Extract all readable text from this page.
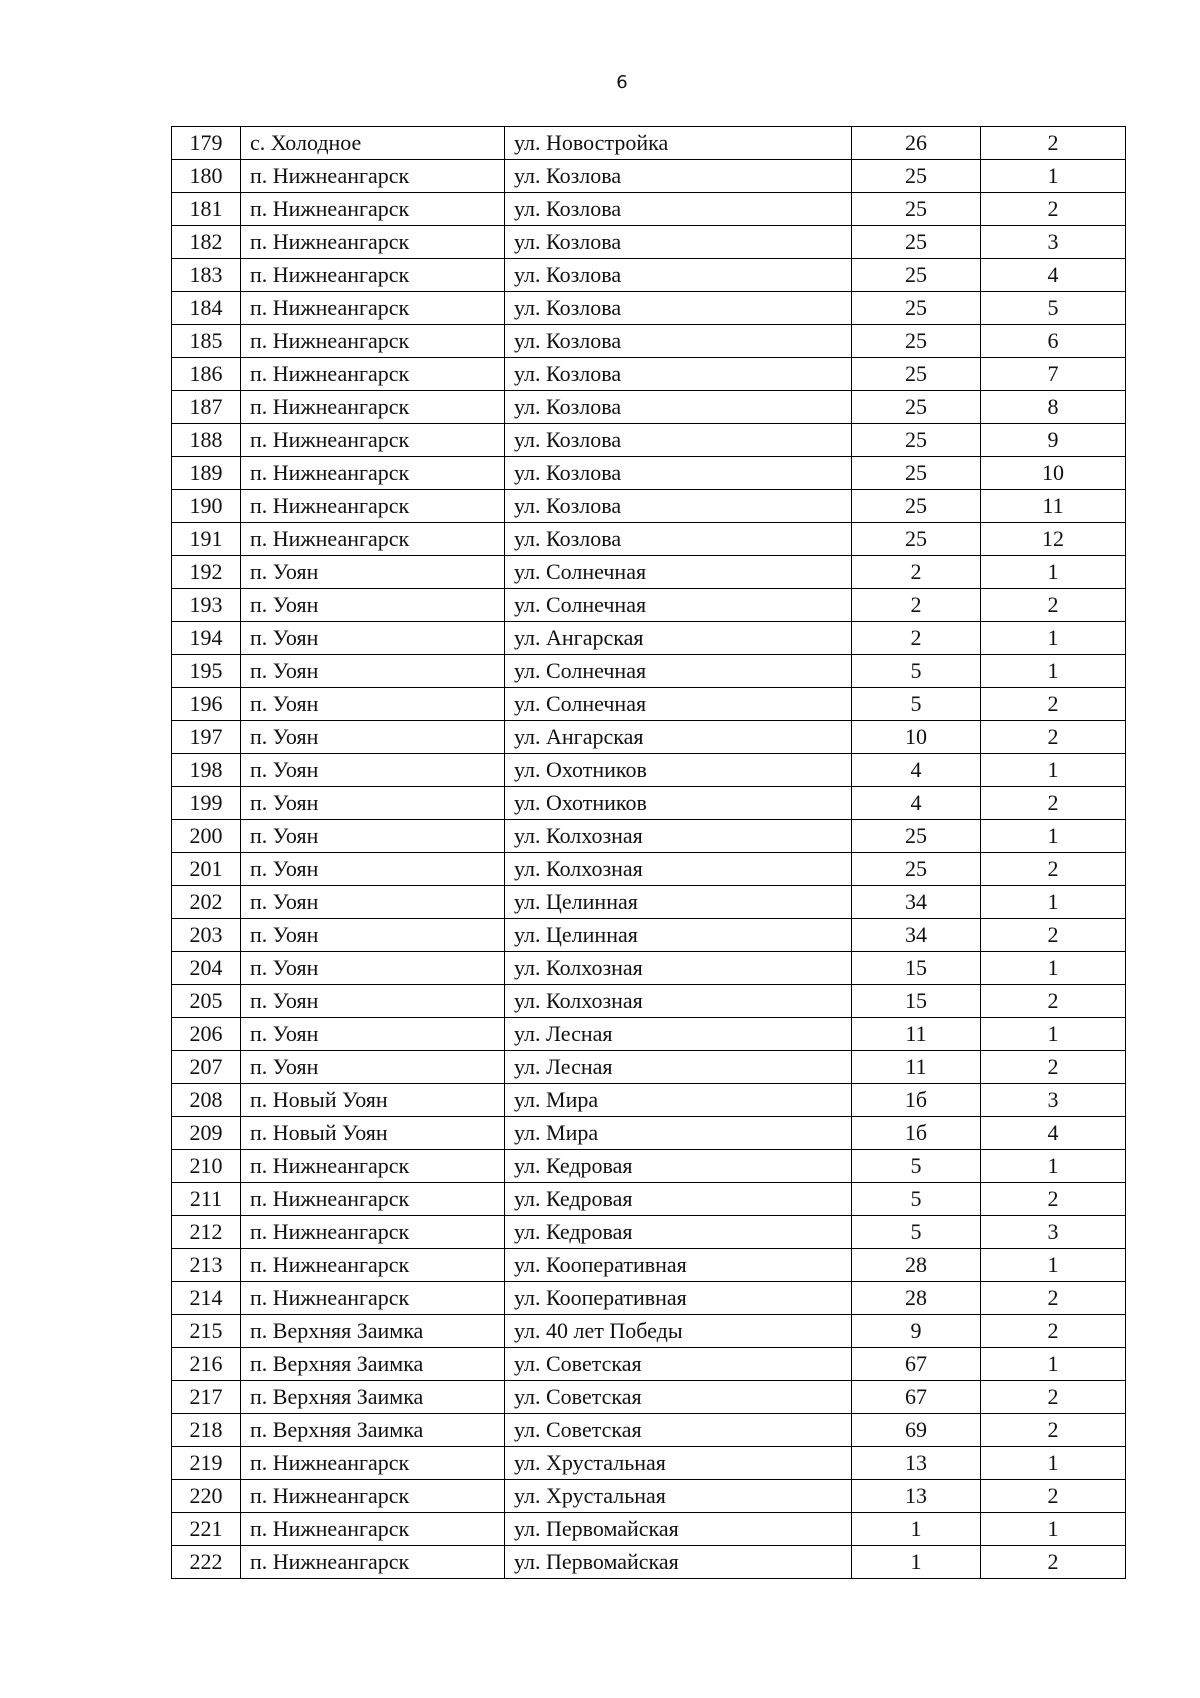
6
179	с. Холодное	ул. Новостройка	26	2
180	п. Нижнеангарск	ул. Козлова	25	1
181	п. Нижнеангарск	ул. Козлова	25	2
182	п. Нижнеангарск	ул. Козлова	25	3
183	п. Нижнеангарск	ул. Козлова	25	4
184	п. Нижнеангарск	ул. Козлова	25	5
185	п. Нижнеангарск	ул. Козлова	25	6
186	п. Нижнеангарск	ул. Козлова	25	7
187	п. Нижнеангарск	ул. Козлова	25	8
188	п. Нижнеангарск	ул. Козлова	25	9
189	п. Нижнеангарск	ул. Козлова	25	10
190	п. Нижнеангарск	ул. Козлова	25	11
191	п. Нижнеангарск	ул. Козлова	25	12
192	п. Уоян	ул. Солнечная	2	1
193	п. Уоян	ул. Солнечная	2	2
194	п. Уоян	ул. Ангарская	2	1
195	п. Уоян	ул. Солнечная	5	1
196	п. Уоян	ул. Солнечная	5	2
197	п. Уоян	ул. Ангарская	10	2
198	п. Уоян	ул. Охотников	4	1
199	п. Уоян	ул. Охотников	4	2
200	п. Уоян	ул. Колхозная	25	1
201	п. Уоян	ул. Колхозная	25	2
202	п. Уоян	ул. Целинная	34	1
203	п. Уоян	ул. Целинная	34	2
204	п. Уоян	ул. Колхозная	15	1
205	п. Уоян	ул. Колхозная	15	2
206	п. Уоян	ул. Лесная	11	1
207	п. Уоян	ул. Лесная	11	2
208	п. Новый Уоян	ул. Мира	1б	3
209	п. Новый Уоян	ул. Мира	1б	4
210	п. Нижнеангарск	ул. Кедровая	5	1
211	п. Нижнеангарск	ул. Кедровая	5	2
212	п. Нижнеангарск	ул. Кедровая	5	3
213	п. Нижнеангарск	ул. Кооперативная	28	1
214	п. Нижнеангарск	ул. Кооперативная	28	2
215	п. Верхняя Заимка	ул. 40 лет Победы	9	2
216	п. Верхняя Заимка	ул. Советская	67	1
217	п. Верхняя Заимка	ул. Советская	67	2
218	п. Верхняя Заимка	ул. Советская	69	2
219	п. Нижнеангарск	ул. Хрустальная	13	1
220	п. Нижнеангарск	ул. Хрустальная	13	2
221	п. Нижнеангарск	ул. Первомайская	1	1
222	п. Нижнеангарск	ул. Первомайская	1	2
